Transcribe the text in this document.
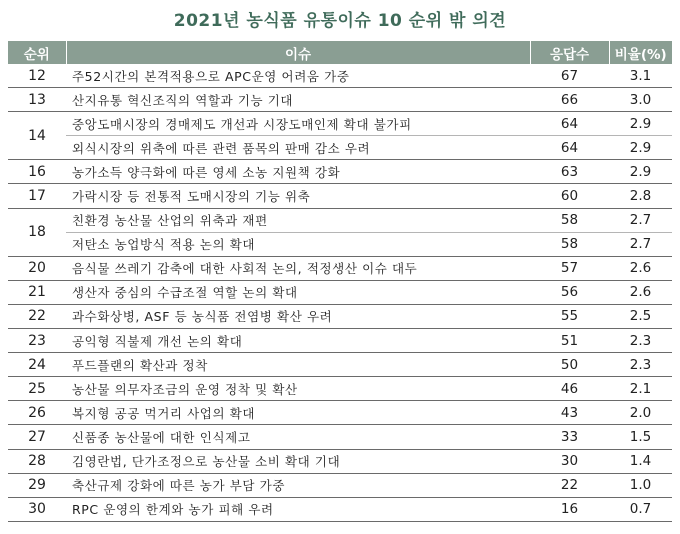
2021년 농식품 유통이슈 10 순위 밖 의견
순위	이슈	응답수	비율(%)
12	주52시간의 본격적용으로 APC운영 어려움 가중	67	3.1
13	산지유통 혁신조직의 역할과 기능 기대	66	3.0
14	중앙도매시장의 경매제도 개선과 시장도매인제 확대 불가피	64	2.9
	외식시장의 위축에 따른 관련 품목의 판매 감소 우려	64	2.9
16	농가소득 양극화에 따른 영세 소농 지원책 강화	63	2.9
17	가락시장 등 전통적 도매시장의 기능 위축	60	2.8
18	친환경 농산물 산업의 위축과 재편	58	2.7
	저탄소 농업방식 적용 논의 확대	58	2.7
20	음식물 쓰레기 감축에 대한 사회적 논의, 적정생산 이슈 대두	57	2.6
21	생산자 중심의 수급조절 역할 논의 확대	56	2.6
22	과수화상병, ASF 등 농식품 전염병 확산 우려	55	2.5
23	공익형 직불제 개선 논의 확대	51	2.3
24	푸드플랜의 확산과 정착	50	2.3
25	농산물 의무자조금의 운영 정착 및 확산	46	2.1
26	복지형 공공 먹거리 사업의 확대	43	2.0
27	신품종 농산물에 대한 인식제고	33	1.5
28	김영란법, 단가조정으로 농산물 소비 확대 기대	30	1.4
29	축산규제 강화에 따른 농가 부담 가중	22	1.0
30	RPC 운영의 한계와 농가 피해 우려	16	0.7
